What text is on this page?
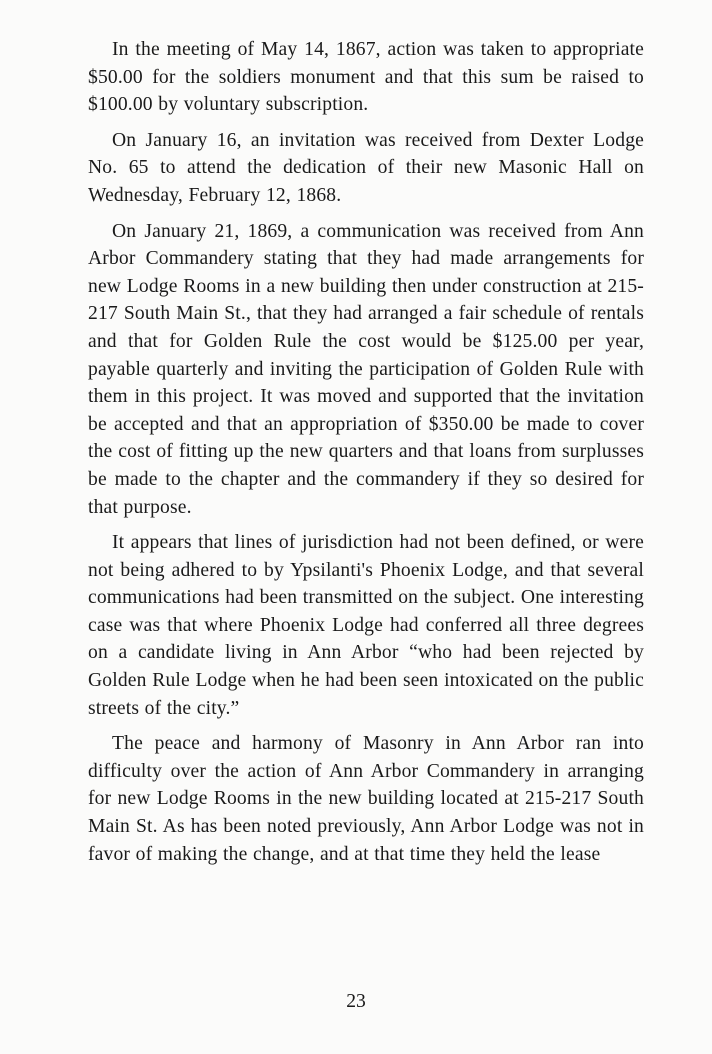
In the meeting of May 14, 1867, action was taken to appropriate $50.00 for the soldiers monument and that this sum be raised to $100.00 by voluntary subscription.

On January 16, an invitation was received from Dexter Lodge No. 65 to attend the dedication of their new Masonic Hall on Wednesday, February 12, 1868.

On January 21, 1869, a communication was received from Ann Arbor Commandery stating that they had made arrangements for new Lodge Rooms in a new building then under construction at 215-217 South Main St., that they had arranged a fair schedule of rentals and that for Golden Rule the cost would be $125.00 per year, payable quarterly and inviting the participation of Golden Rule with them in this project. It was moved and supported that the invitation be accepted and that an appropriation of $350.00 be made to cover the cost of fitting up the new quarters and that loans from surplusses be made to the chapter and the commandery if they so desired for that purpose.

It appears that lines of jurisdiction had not been defined, or were not being adhered to by Ypsilanti's Phoenix Lodge, and that several communications had been transmitted on the subject. One interesting case was that where Phoenix Lodge had conferred all three degrees on a candidate living in Ann Arbor “who had been rejected by Golden Rule Lodge when he had been seen intoxicated on the public streets of the city.”

The peace and harmony of Masonry in Ann Arbor ran into difficulty over the action of Ann Arbor Commandery in arranging for new Lodge Rooms in the new building located at 215-217 South Main St. As has been noted previously, Ann Arbor Lodge was not in favor of making the change, and at that time they held the lease

23
